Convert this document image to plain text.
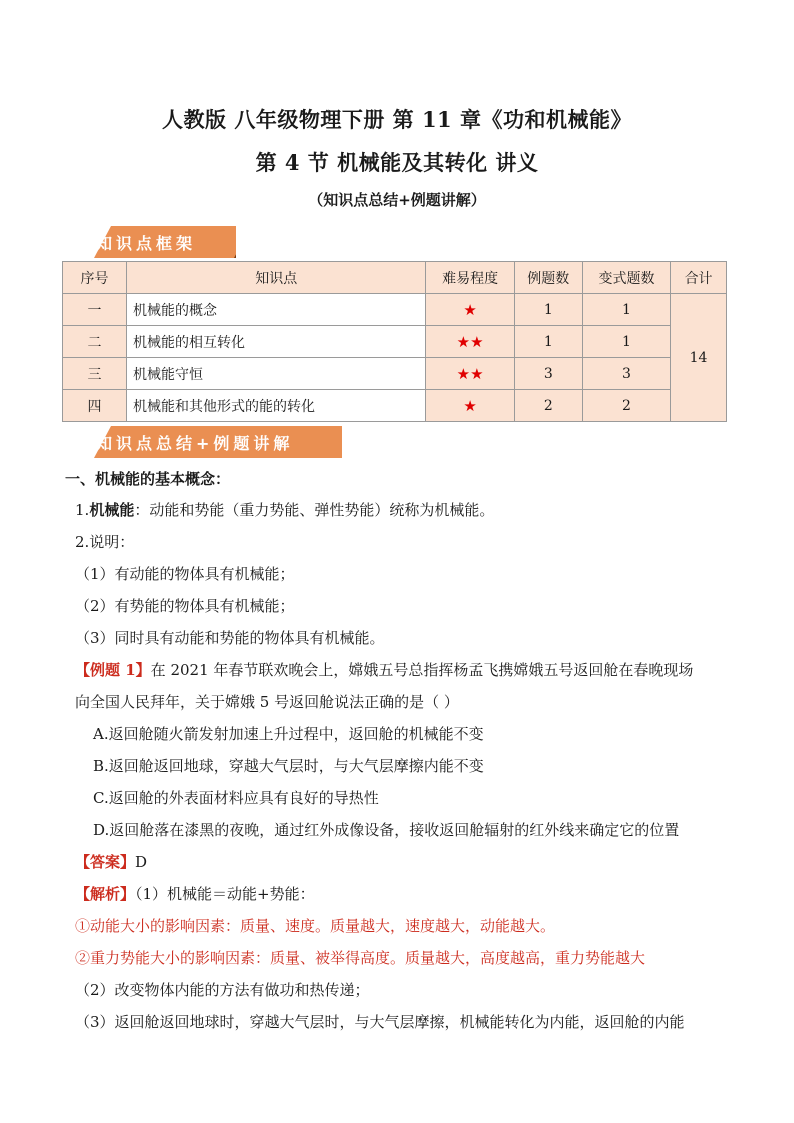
人教版 八年级物理下册 第 11 章《功和机械能》
第 4 节 机械能及其转化 讲义
（知识点总结+例题讲解）
知识点框架
序号	知识点	难易程度	例题数	变式题数	合计
一	机械能的概念	★	1	1	14
二	机械能的相互转化	★★	1	1	
三	机械能守恒	★★	3	3	
四	机械能和其他形式的能的转化	★	2	2	
知识点总结+例题讲解
一、机械能的基本概念：
1.机械能：动能和势能（重力势能、弹性势能）统称为机械能。
2.说明：
（1）有动能的物体具有机械能；
（2）有势能的物体具有机械能；
（3）同时具有动能和势能的物体具有机械能。
【例题 1】在 2021 年春节联欢晚会上，嫦娥五号总指挥杨孟飞携嫦娥五号返回舱在春晚现场
向全国人民拜年，关于嫦娥 5 号返回舱说法正确的是（ ）
A.返回舱随火箭发射加速上升过程中，返回舱的机械能不变
B.返回舱返回地球，穿越大气层时，与大气层摩擦内能不变
C.返回舱的外表面材料应具有良好的导热性
D.返回舱落在漆黑的夜晚，通过红外成像设备，接收返回舱辐射的红外线来确定它的位置
【答案】D
【解析】（1）机械能＝动能+势能：
①动能大小的影响因素：质量、速度。质量越大，速度越大，动能越大。
②重力势能大小的影响因素：质量、被举得高度。质量越大，高度越高，重力势能越大
（2）改变物体内能的方法有做功和热传递；
（3）返回舱返回地球时，穿越大气层时，与大气层摩擦，机械能转化为内能，返回舱的内能
